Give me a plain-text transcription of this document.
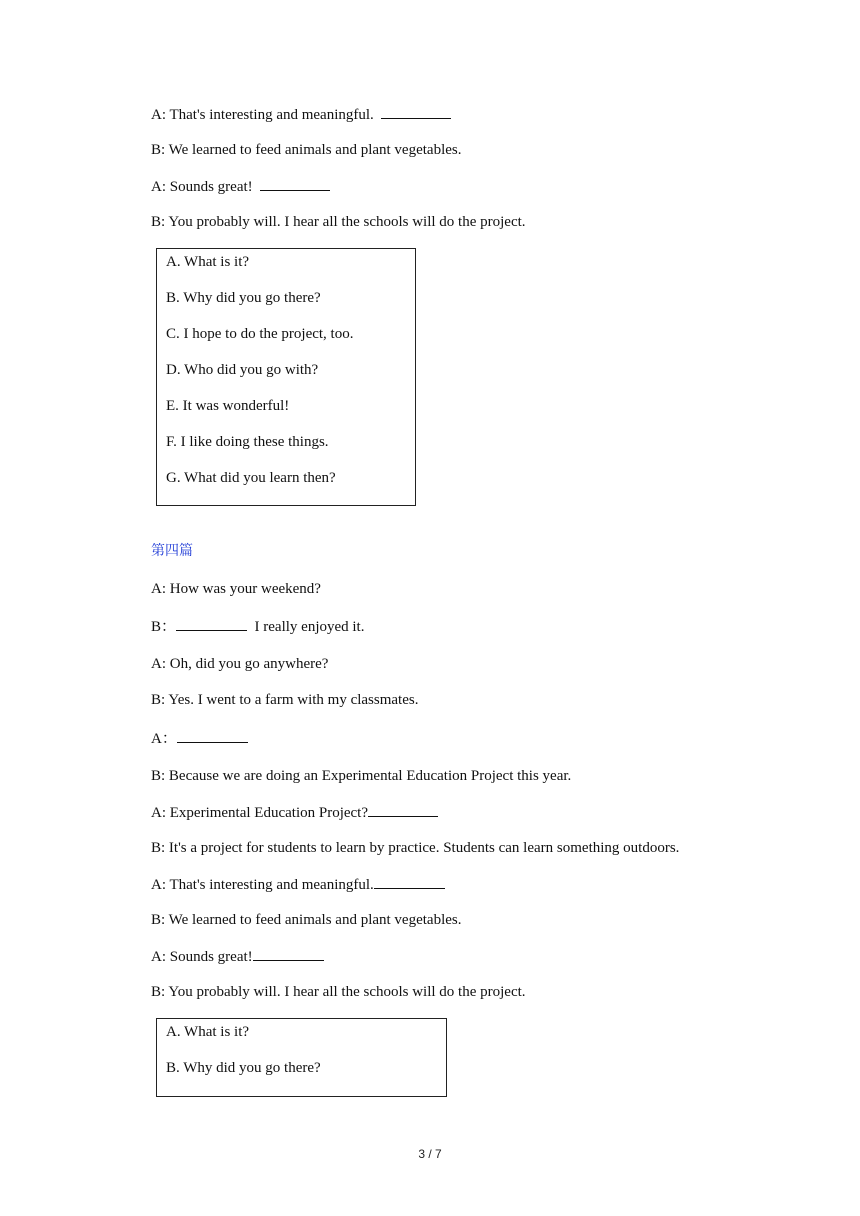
A: That's interesting and meaningful.
B: We learned to feed animals and plant vegetables.
A: Sounds great!
B: You probably will. I hear all the schools will do the project.
A. What is it?
B. Why did you go there?
C. I hope to do the project, too.
D. Who did you go with?
E. It was wonderful!
F. I like doing these things.
G. What did you learn then?
第四篇
A: How was your weekend?
B：	I really enjoyed it.
A: Oh, did you go anywhere?
B: Yes. I went to a farm with my classmates.
A：
B: Because we are doing an Experimental Education Project this year.
A: Experimental Education Project?
B: It's a project for students to learn by practice. Students can learn something outdoors.
A: That's interesting and meaningful.
B: We learned to feed animals and plant vegetables.
A: Sounds great!
B: You probably will. I hear all the schools will do the project.
A. What is it?
B. Why did you go there?
3 / 7
